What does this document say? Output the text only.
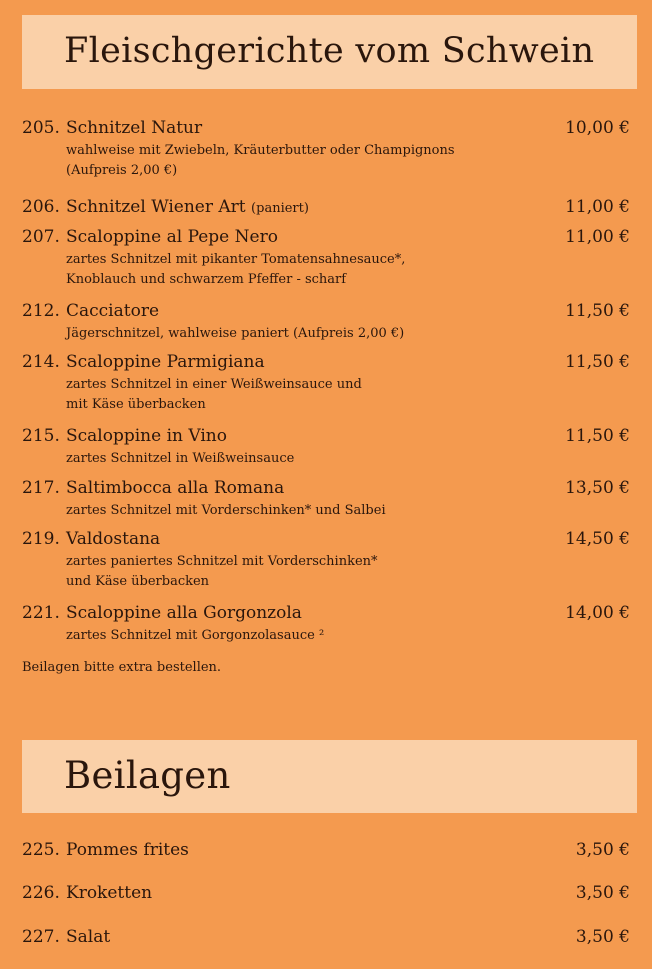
Fleischgerichte vom Schwein
205. Schnitzel Natur	10,00 €
wahlweise mit Zwiebeln, Kräuterbutter oder Champignons
(Aufpreis 2,00 €)
206. Schnitzel Wiener Art (paniert)	11,00 €
207. Scaloppine al Pepe Nero	11,00 €
zartes Schnitzel mit pikanter Tomatensahnesauce*,
Knoblauch und schwarzem Pfeffer - scharf
212. Cacciatore	11,50 €
Jägerschnitzel, wahlweise paniert (Aufpreis 2,00 €)
214. Scaloppine Parmigiana	11,50 €
zartes Schnitzel in einer Weißweinsauce und
mit Käse überbacken
215. Scaloppine in Vino	11,50 €
zartes Schnitzel in Weißweinsauce
217. Saltimbocca alla Romana	13,50 €
zartes Schnitzel mit Vorderschinken* und Salbei
219. Valdostana	14,50 €
zartes paniertes Schnitzel mit Vorderschinken*
und Käse überbacken
221. Scaloppine alla Gorgonzola	14,00 €
zartes Schnitzel mit Gorgonzolasauce ²
Beilagen bitte extra bestellen.
Beilagen
225. Pommes frites	3,50 €
226. Kroketten	3,50 €
227. Salat	3,50 €
